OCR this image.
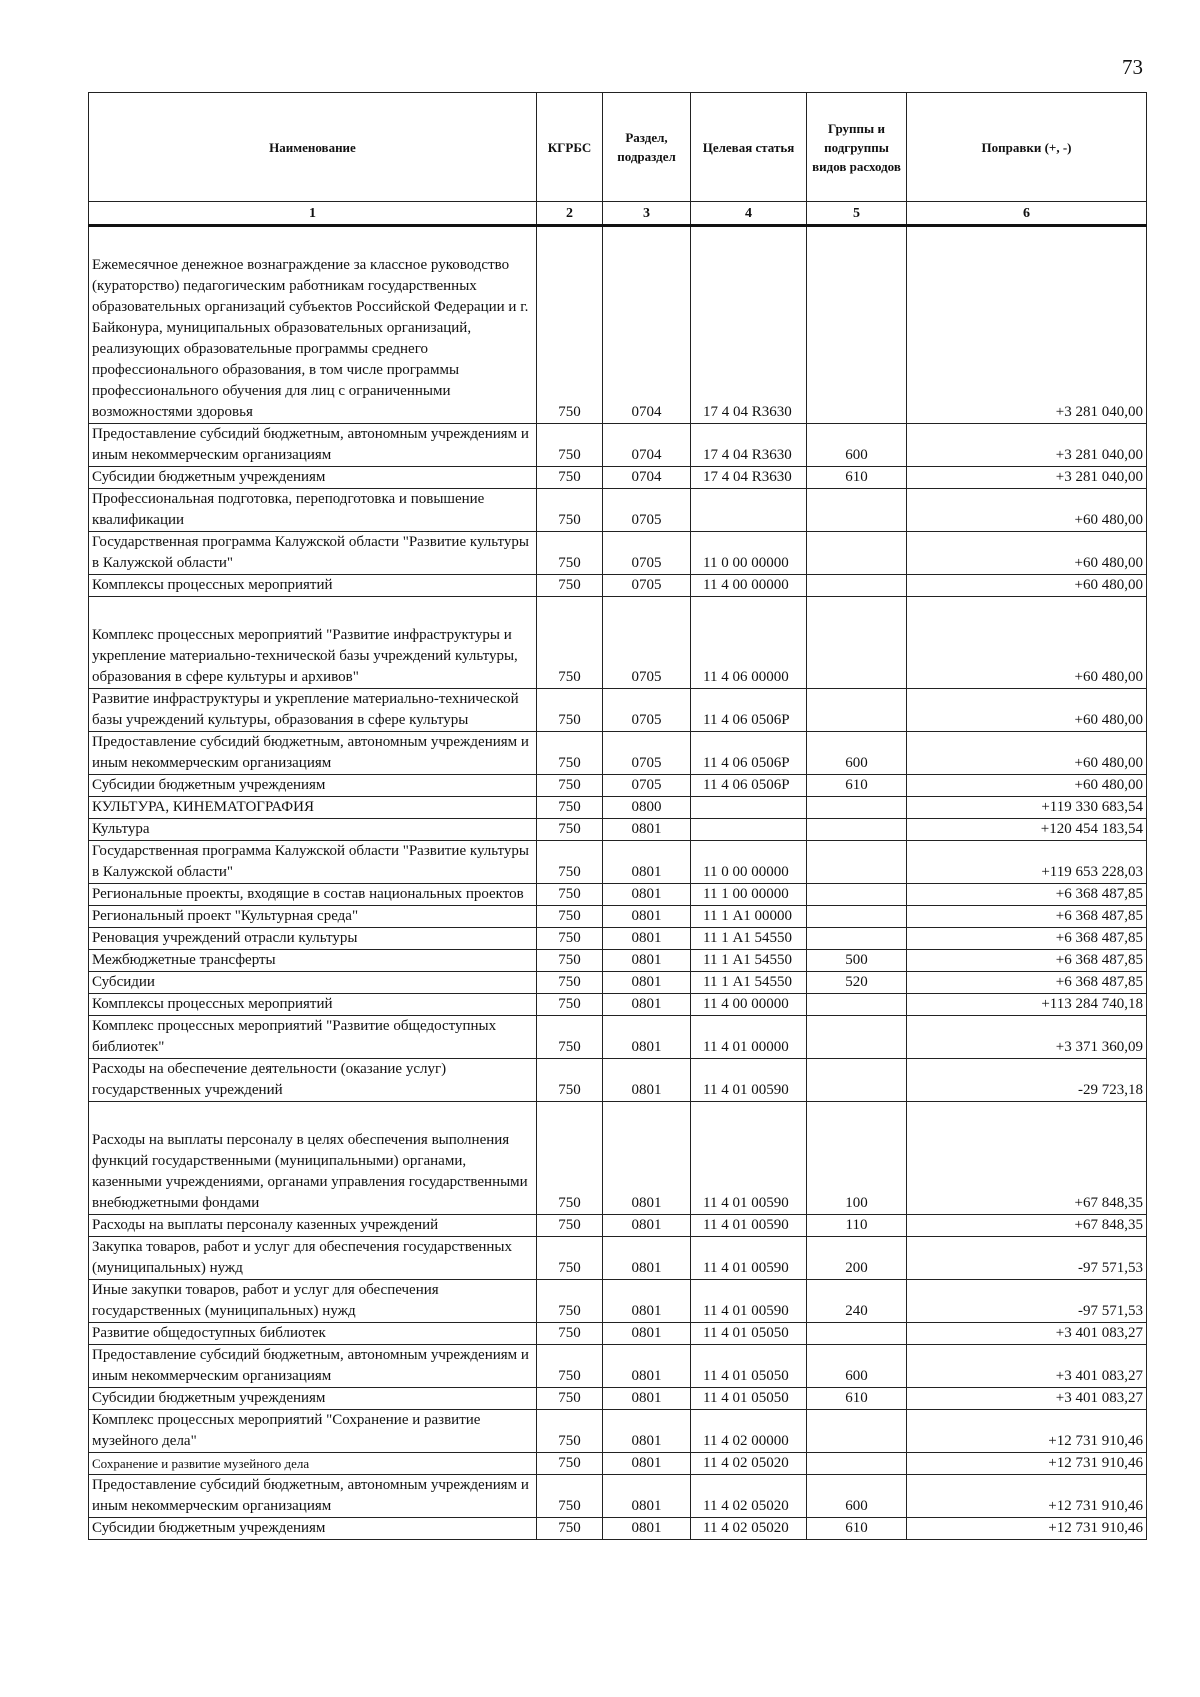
73
Наименование	КГРБС	Раздел, подраздел	Целевая статья	Группы и подгруппы видов расходов	Поправки (+, -)
1	2	3	4	5	6
Ежемесячное денежное вознаграждение за классное руководство (кураторство) педагогическим работникам государственных образовательных организаций субъектов Российской Федерации и г. Байконура, муниципальных образовательных организаций, реализующих образовательные программы среднего профессионального образования, в том числе программы профессионального обучения для лиц с ограниченными возможностями здоровья	750	0704	17 4 04 R3630		+3 281 040,00
Предоставление субсидий бюджетным, автономным учреждениям и иным некоммерческим организациям	750	0704	17 4 04 R3630	600	+3 281 040,00
Субсидии бюджетным учреждениям	750	0704	17 4 04 R3630	610	+3 281 040,00
Профессиональная подготовка, переподготовка и повышение квалификации	750	0705			+60 480,00
Государственная программа Калужской области "Развитие культуры в Калужской области"	750	0705	11 0 00 00000		+60 480,00
Комплексы процессных мероприятий	750	0705	11 4 00 00000		+60 480,00
Комплекс процессных мероприятий "Развитие инфраструктуры и укрепление материально-технической базы учреждений культуры, образования в сфере культуры и архивов"	750	0705	11 4 06 00000		+60 480,00
Развитие инфраструктуры и укрепление материально-технической базы учреждений культуры, образования в сфере культуры	750	0705	11 4 06 0506Р		+60 480,00
Предоставление субсидий бюджетным, автономным учреждениям и иным некоммерческим организациям	750	0705	11 4 06 0506Р	600	+60 480,00
Субсидии бюджетным учреждениям	750	0705	11 4 06 0506Р	610	+60 480,00
КУЛЬТУРА, КИНЕМАТОГРАФИЯ	750	0800			+119 330 683,54
Культура	750	0801			+120 454 183,54
Государственная программа Калужской области "Развитие культуры в Калужской области"	750	0801	11 0 00 00000		+119 653 228,03
Региональные проекты, входящие в состав национальных проектов	750	0801	11 1 00 00000		+6 368 487,85
Региональный проект "Культурная среда"	750	0801	11 1 А1 00000		+6 368 487,85
Реновация учреждений отрасли культуры	750	0801	11 1 А1 54550		+6 368 487,85
Межбюджетные трансферты	750	0801	11 1 А1 54550	500	+6 368 487,85
Субсидии	750	0801	11 1 А1 54550	520	+6 368 487,85
Комплексы процессных мероприятий	750	0801	11 4 00 00000		+113 284 740,18
Комплекс процессных мероприятий "Развитие общедоступных библиотек"	750	0801	11 4 01 00000		+3 371 360,09
Расходы на обеспечение деятельности (оказание услуг) государственных учреждений	750	0801	11 4 01 00590		-29 723,18
Расходы на выплаты персоналу в целях обеспечения выполнения функций государственными (муниципальными) органами, казенными учреждениями, органами управления государственными внебюджетными фондами	750	0801	11 4 01 00590	100	+67 848,35
Расходы на выплаты персоналу казенных учреждений	750	0801	11 4 01 00590	110	+67 848,35
Закупка товаров, работ и услуг для обеспечения государственных (муниципальных) нужд	750	0801	11 4 01 00590	200	-97 571,53
Иные закупки товаров, работ и услуг для обеспечения государственных (муниципальных) нужд	750	0801	11 4 01 00590	240	-97 571,53
Развитие общедоступных библиотек	750	0801	11 4 01 05050		+3 401 083,27
Предоставление субсидий бюджетным, автономным учреждениям и иным некоммерческим организациям	750	0801	11 4 01 05050	600	+3 401 083,27
Субсидии бюджетным учреждениям	750	0801	11 4 01 05050	610	+3 401 083,27
Комплекс процессных мероприятий "Сохранение и развитие музейного дела"	750	0801	11 4 02 00000		+12 731 910,46
Сохранение и развитие музейного дела	750	0801	11 4 02 05020		+12 731 910,46
Предоставление субсидий бюджетным, автономным учреждениям и иным некоммерческим организациям	750	0801	11 4 02 05020	600	+12 731 910,46
Субсидии бюджетным учреждениям	750	0801	11 4 02 05020	610	+12 731 910,46
